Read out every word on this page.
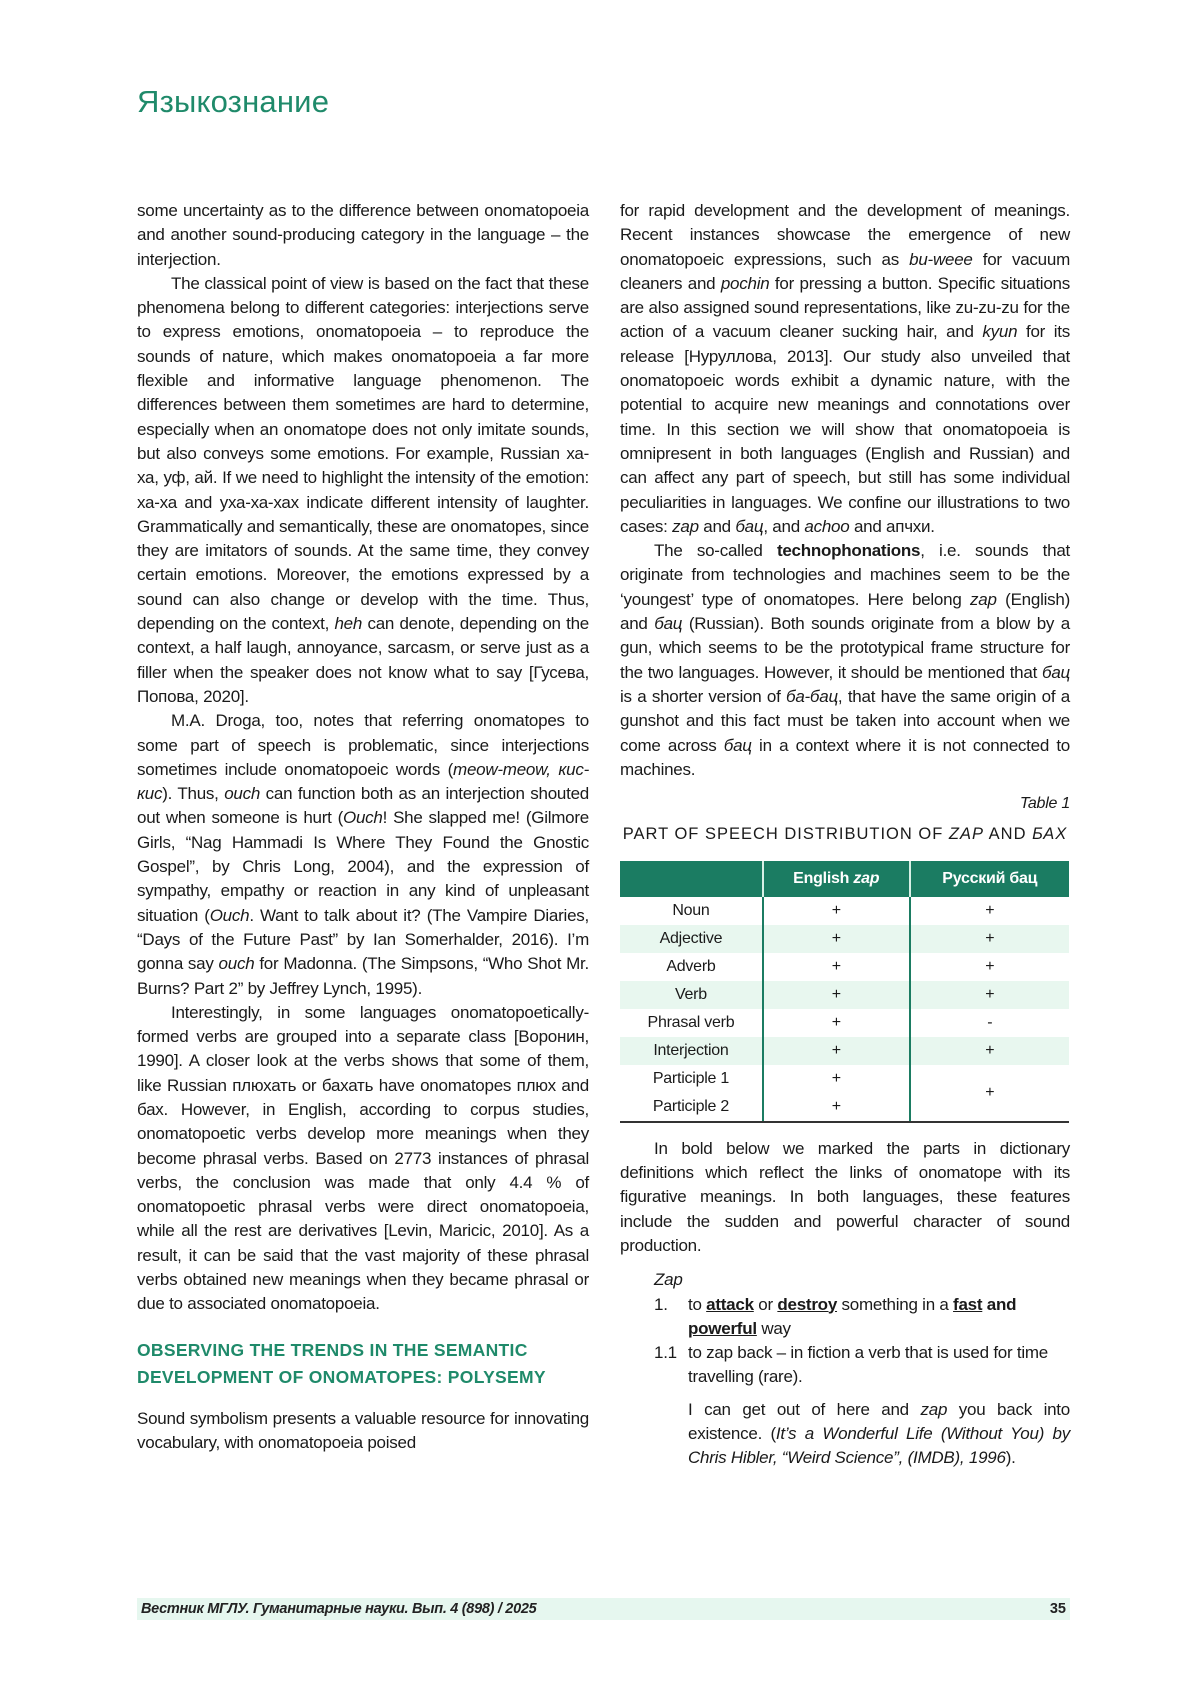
Языкознание

some uncertainty as to the difference between onomatopoeia and another sound-producing category in the language – the interjection.

The classical point of view is based on the fact that these phenomena belong to different categories: interjections serve to express emotions, onomatopoeia – to reproduce the sounds of nature, which makes onomatopoeia a far more flexible and informative language phenomenon. The differences between them sometimes are hard to determine, especially when an onomatope does not only imitate sounds, but also conveys some emotions. For example, Russian ха-ха, уф, ай. If we need to highlight the intensity of the emotion: ха-ха and уха-ха-хах indicate different intensity of laughter. Grammatically and semantically, these are onomatopes, since they are imitators of sounds. At the same time, they convey certain emotions. Moreover, the emotions expressed by a sound can also change or develop with the time. Thus, depending on the context, heh can denote, depending on the context, a half laugh, annoyance, sarcasm, or serve just as a filler when the speaker does not know what to say [Гусева, Попова, 2020].

M.A. Droga, too, notes that referring onomatopes to some part of speech is problematic, since interjections sometimes include onomatopoeic words (meow-meow, кис-кис). Thus, ouch can function both as an interjection shouted out when someone is hurt (Ouch! She slapped me! (Gilmore Girls, “Nag Hammadi Is Where They Found the Gnostic Gospel”, by Chris Long, 2004), and the expression of sympathy, empathy or reaction in any kind of unpleasant situation (Ouch. Want to talk about it? (The Vampire Diaries, “Days of the Future Past” by Ian Somerhalder, 2016). I’m gonna say ouch for Madonna. (The Simpsons, “Who Shot Mr. Burns? Part 2” by Jeffrey Lynch, 1995).

Interestingly, in some languages onomatopoetically-formed verbs are grouped into a separate class [Воронин, 1990]. A closer look at the verbs shows that some of them, like Russian плюхать or бахать have onomatopes плюх and бах. However, in English, according to corpus studies, onomatopoetic verbs develop more meanings when they become phrasal verbs. Based on 2773 instances of phrasal verbs, the conclusion was made that only 4.4 % of onomatopoetic phrasal verbs were direct onomatopoeia, while all the rest are derivatives [Levin, Maricic, 2010]. As a result, it can be said that the vast majority of these phrasal verbs obtained new meanings when they became phrasal or due to associated onomatopoeia.

OBSERVING THE TRENDS IN THE SEMANTIC DEVELOPMENT OF ONOMATOPES: POLYSEMY

Sound symbolism presents a valuable resource for innovating vocabulary, with onomatopoeia poised

for rapid development and the development of meanings. Recent instances showcase the emergence of new onomatopoeic expressions, such as bu-weee for vacuum cleaners and pochin for pressing a button. Specific situations are also assigned sound representations, like zu-zu-zu for the action of a vacuum cleaner sucking hair, and kyun for its release [Нуруллова, 2013]. Our study also unveiled that onomatopoeic words exhibit a dynamic nature, with the potential to acquire new meanings and connotations over time. In this section we will show that onomatopoeia is omnipresent in both languages (English and Russian) and can affect any part of speech, but still has some individual peculiarities in languages. We confine our illustrations to two cases: zap and бац, and achoo and апчхи.

The so-called technophonations, i.e. sounds that originate from technologies and machines seem to be the ‘youngest’ type of onomatopes. Here belong zap (English) and бац (Russian). Both sounds originate from a blow by a gun, which seems to be the prototypical frame structure for the two languages. However, it should be mentioned that бац is a shorter version of ба-бац, that have the same origin of a gunshot and this fact must be taken into account when we come across бац in a context where it is not connected to machines.

Table 1
PART OF SPEECH DISTRIBUTION OF ZAP AND БАХ
	English zap	Русский бац
Noun	+	+
Adjective	+	+
Adverb	+	+
Verb	+	+
Phrasal verb	+	-
Interjection	+	+
Participle 1	+	+
Participle 2	+

In bold below we marked the parts in dictionary definitions which reflect the links of onomatope with its figurative meanings. In both languages, these features include the sudden and powerful character of sound production.

Zap
1.	to attack or destroy something in a fast and powerful way
1.1 to zap back – in fiction a verb that is used for time travelling (rare).
I can get out of here and zap you back into existence. (It’s a Wonderful Life (Without You) by Chris Hibler, “Weird Science”, (IMDB), 1996).
Вестник МГЛУ. Гуманитарные науки. Вып. 4 (898) / 2025	35
